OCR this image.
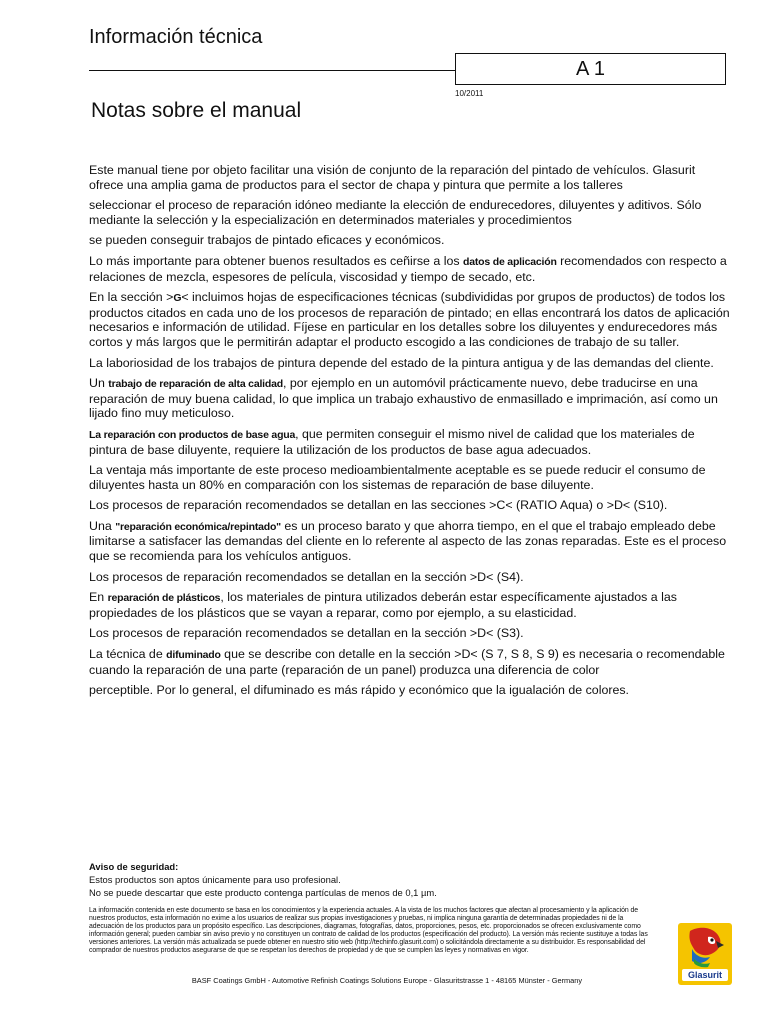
Información técnica
A 1
10/2011
Notas sobre el manual

Este manual tiene por objeto facilitar una visión de conjunto de la reparación del pintado de vehículos. Glasurit ofrece una amplia gama de productos para el sector de chapa y pintura que permite a los talleres

seleccionar el proceso de reparación idóneo mediante la elección de endurecedores, diluyentes y aditivos. Sólo mediante la selección y la especialización en determinados materiales y procedimientos

se pueden conseguir trabajos de pintado eficaces y económicos.

Lo más importante para obtener buenos resultados es ceñirse a los datos de aplicación recomendados con respecto a relaciones de mezcla, espesores de película, viscosidad y tiempo de secado, etc.

En la sección >G< incluimos hojas de especificaciones técnicas (subdivididas por grupos de productos) de todos los productos citados en cada uno de los procesos de reparación de pintado; en ellas encontrará los datos de aplicación necesarios e información de utilidad. Fíjese en particular en los detalles sobre los diluyentes y endurecedores más cortos y más largos que le permitirán adaptar el producto escogido a las condiciones de trabajo de su taller.

La laboriosidad de los trabajos de pintura depende del estado de la pintura antigua y de las demandas del cliente.

Un trabajo de reparación de alta calidad, por ejemplo en un automóvil prácticamente nuevo, debe traducirse en una reparación de muy buena calidad, lo que implica un trabajo exhaustivo de enmasillado e imprimación, así como un lijado fino muy meticuloso.

La reparación con productos de base agua, que permiten conseguir el mismo nivel de calidad que los materiales de pintura de base diluyente, requiere la utilización de los productos de base agua adecuados.

La ventaja más importante de este proceso medioambientalmente aceptable es se puede reducir el consumo de diluyentes hasta un 80% en comparación con los sistemas de reparación de base diluyente.

Los procesos de reparación recomendados se detallan en las secciones >C< (RATIO Aqua) o >D< (S10).

Una "reparación económica/repintado" es un proceso barato y que ahorra tiempo, en el que el trabajo empleado debe limitarse a satisfacer las demandas del cliente en lo referente al aspecto de las zonas reparadas. Este es el proceso que se recomienda para los vehículos antiguos.

Los procesos de reparación recomendados se detallan en la sección >D< (S4).

En reparación de plásticos, los materiales de pintura utilizados deberán estar específicamente ajustados a las propiedades de los plásticos que se vayan a reparar, como por ejemplo, a su elasticidad.

Los procesos de reparación recomendados se detallan en la sección >D< (S3).

La técnica de difuminado que se describe con detalle en la sección >D< (S 7, S 8, S 9) es necesaria o recomendable cuando la reparación de una parte (reparación de un panel) produzca una diferencia de color

perceptible. Por lo general, el difuminado es más rápido y económico que la igualación de colores.

Aviso de seguridad:
Estos productos son aptos únicamente para uso profesional.
No se puede descartar que este producto contenga partículas de menos de 0,1 µm.
La información contenida en este documento se basa en los conocimientos y la experiencia actuales. A la vista de los muchos factores que afectan al procesamiento y la aplicación de nuestros productos, esta información no exime a los usuarios de realizar sus propias investigaciones y pruebas, ni implica ninguna garantía de determinadas propiedades ni de la adecuación de los productos para un propósito específico. Las descripciones, diagramas, fotografías, datos, proporciones, pesos, etc. proporcionados se ofrecen exclusivamente como información general; pueden cambiar sin aviso previo y no constituyen un contrato de calidad de los productos (especificación del producto). La versión más reciente sustituye a todas las versiones anteriores. La versión más actualizada se puede obtener en nuestro sitio web (http://techinfo.glasurit.com) o solicitándola directamente a su distribuidor. Es responsabilidad del comprador de nuestros productos asegurarse de que se respetan los derechos de propiedad y de que se cumplen las leyes y normativas en vigor.
BASF Coatings GmbH - Automotive Refinish Coatings Solutions Europe - Glasuritstrasse 1 - 48165 Münster - Germany
Glasurit
